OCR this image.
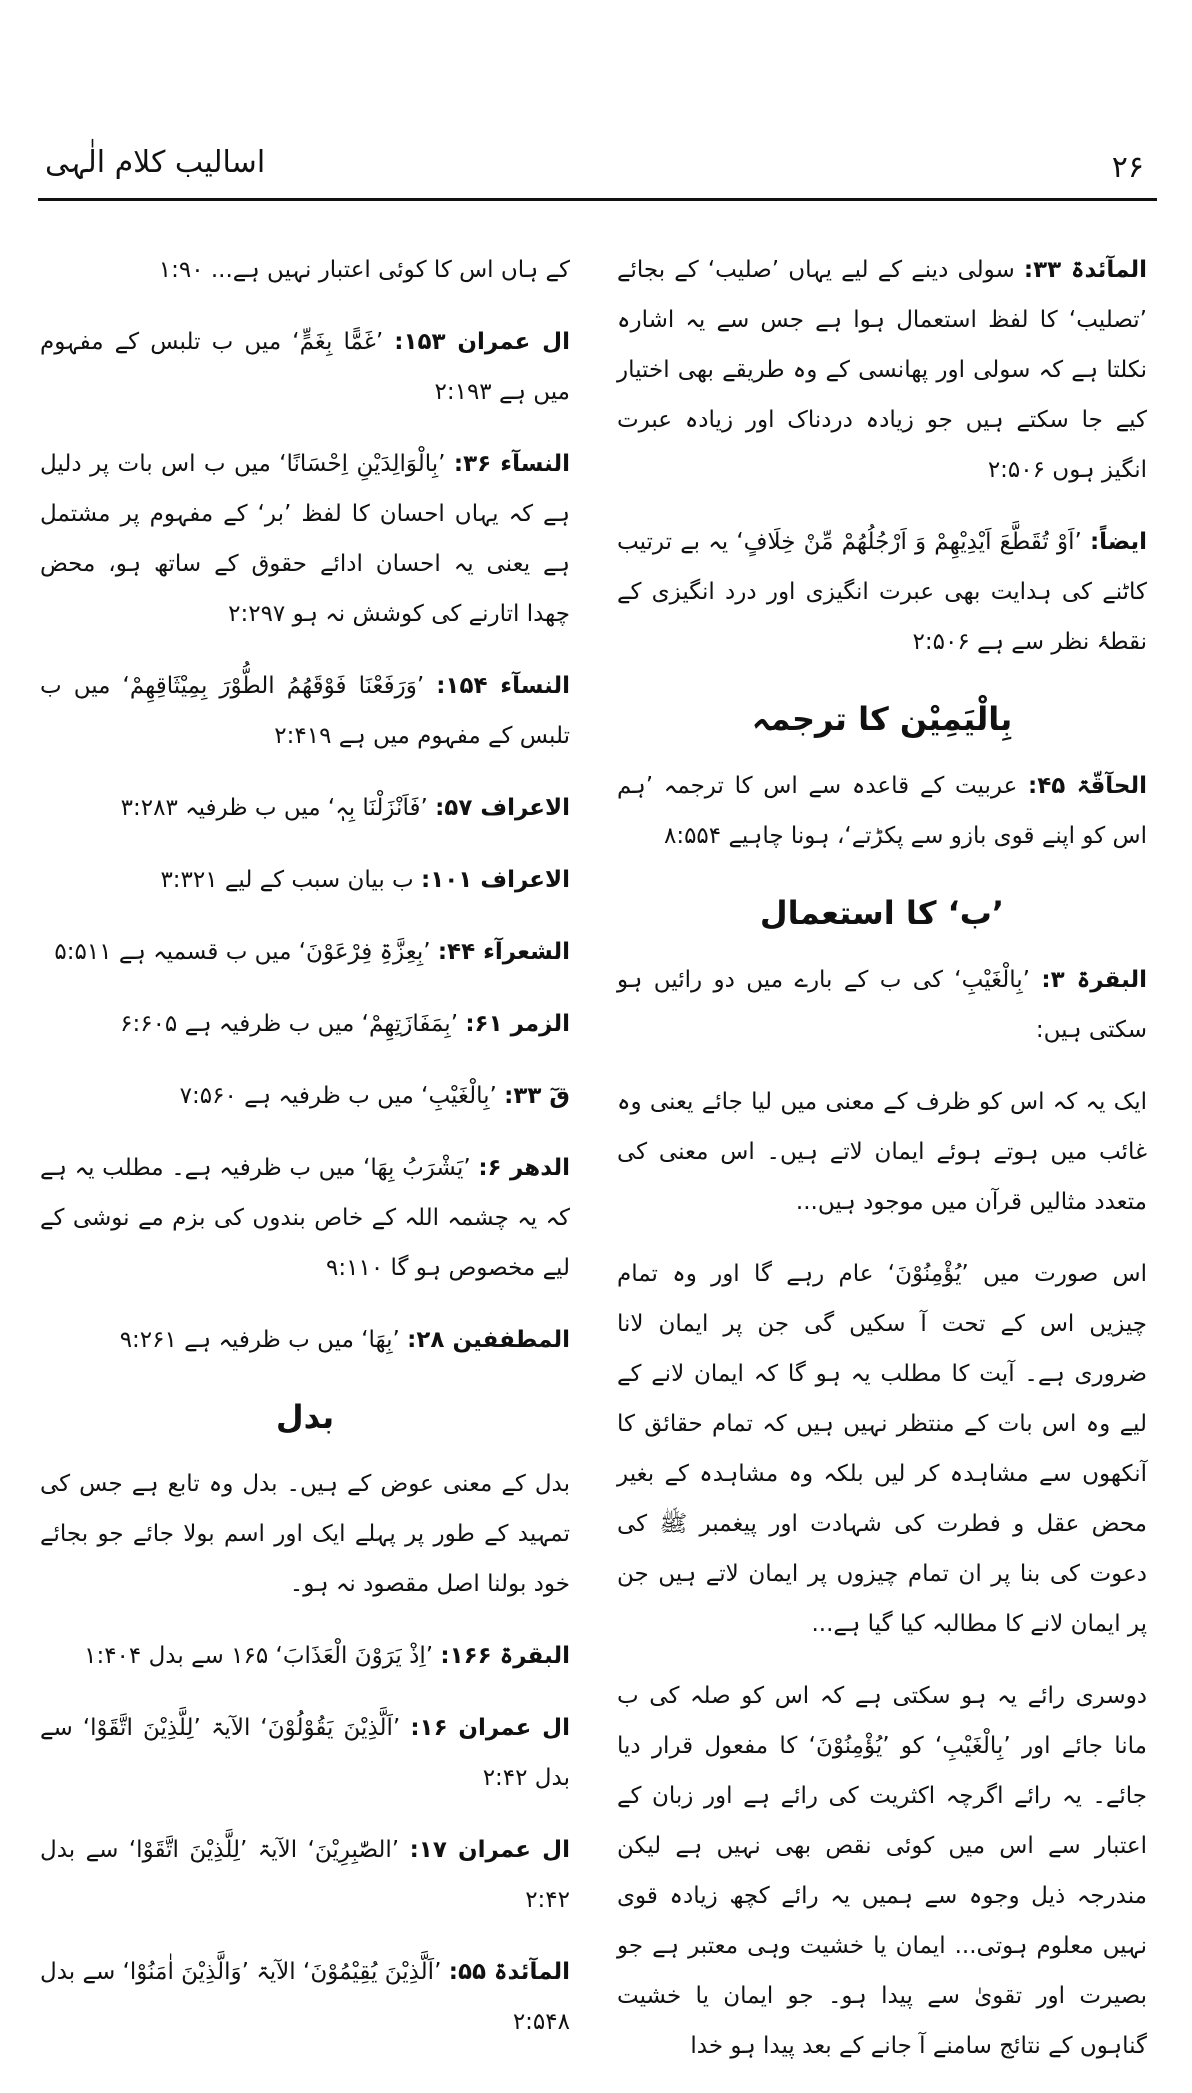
اسالیب کلام الٰہی	۲۶

المآئدۃ ۳۳: سولی دینے کے لیے یہاں ’صلیب‘ کے بجائے ’تصلیب‘ کا لفظ استعمال ہوا ہے جس سے یہ اشارہ نکلتا ہے کہ سولی اور پھانسی کے وہ طریقے بھی اختیار کیے جا سکتے ہیں جو زیادہ دردناک اور زیادہ عبرت انگیز ہوں ۲:۵۰۶

ایضاً: ’اَوْ تُقَطَّعَ اَیْدِیْھِمْ وَ اَرْجُلُھُمْ مِّنْ خِلَافٍ‘ یہ بے ترتیب کاٹنے کی ہدایت بھی عبرت انگیزی اور درد انگیزی کے نقطۂ نظر سے ہے ۲:۵۰۶

بِالْیَمِیْن کا ترجمہ

الحآقّۃ ۴۵: عربیت کے قاعدہ سے اس کا ترجمہ ’ہم اس کو اپنے قوی بازو سے پکڑتے‘، ہونا چاہیے ۸:۵۵۴

’ب‘ کا استعمال

البقرۃ ۳: ’بِالْغَیْبِ‘ کی ب کے بارے میں دو رائیں ہو سکتی ہیں:

ایک یہ کہ اس کو ظرف کے معنی میں لیا جائے یعنی وہ غائب میں ہوتے ہوئے ایمان لاتے ہیں۔ اس معنی کی متعدد مثالیں قرآن میں موجود ہیں...

اس صورت میں ’یُؤْمِنُوْنَ‘ عام رہے گا اور وہ تمام چیزیں اس کے تحت آ سکیں گی جن پر ایمان لانا ضروری ہے۔ آیت کا مطلب یہ ہو گا کہ ایمان لانے کے لیے وہ اس بات کے منتظر نہیں ہیں کہ تمام حقائق کا آنکھوں سے مشاہدہ کر لیں بلکہ وہ مشاہدہ کے بغیر محض عقل و فطرت کی شہادت اور پیغمبر ﷺ کی دعوت کی بنا پر ان تمام چیزوں پر ایمان لاتے ہیں جن پر ایمان لانے کا مطالبہ کیا گیا ہے...

دوسری رائے یہ ہو سکتی ہے کہ اس کو صلہ کی ب مانا جائے اور ’بِالْغَیْبِ‘ کو ’یُؤْمِنُوْنَ‘ کا مفعول قرار دیا جائے۔ یہ رائے اگرچہ اکثریت کی رائے ہے اور زبان کے اعتبار سے اس میں کوئی نقص بھی نہیں ہے لیکن مندرجہ ذیل وجوہ سے ہمیں یہ رائے کچھ زیادہ قوی نہیں معلوم ہوتی... ایمان یا خشیت وہی معتبر ہے جو بصیرت اور تقویٰ سے پیدا ہو۔ جو ایمان یا خشیت گناہوں کے نتائج سامنے آ جانے کے بعد پیدا ہو خدا

کے ہاں اس کا کوئی اعتبار نہیں ہے... ۱:۹۰

ال عمران ۱۵۳: ’غَمًّا بِغَمٍّ‘ میں ب تلبس کے مفہوم میں ہے ۲:۱۹۳

النسآء ۳۶: ’بِالْوَالِدَیْنِ اِحْسَانًا‘ میں ب اس بات پر دلیل ہے کہ یہاں احسان کا لفظ ’بر‘ کے مفہوم پر مشتمل ہے یعنی یہ احسان ادائے حقوق کے ساتھ ہو، محض چھدا اتارنے کی کوشش نہ ہو ۲:۲۹۷

النسآء ۱۵۴: ’وَرَفَعْنَا فَوْقَھُمُ الطُّوْرَ بِمِیْثَاقِھِمْ‘ میں ب تلبس کے مفہوم میں ہے ۲:۴۱۹

الاعراف ۵۷: ’فَاَنْزَلْنَا بِہٖ‘ میں ب ظرفیہ ۳:۲۸۳

الاعراف ۱۰۱: ب بیان سبب کے لیے ۳:۳۲۱

الشعرآء ۴۴: ’بِعِزَّۃِ فِرْعَوْنَ‘ میں ب قسمیہ ہے ۵:۵۱۱

الزمر ۶۱: ’بِمَفَازَتِھِمْ‘ میں ب ظرفیہ ہے ۶:۶۰۵

قٓ ۳۳: ’بِالْغَیْبِ‘ میں ب ظرفیہ ہے ۷:۵۶۰

الدھر ۶: ’یَشْرَبُ بِھَا‘ میں ب ظرفیہ ہے۔ مطلب یہ ہے کہ یہ چشمہ اللہ کے خاص بندوں کی بزم مے نوشی کے لیے مخصوص ہو گا ۹:۱۱۰

المطففین ۲۸: ’بِھَا‘ میں ب ظرفیہ ہے ۹:۲۶۱

بدل

بدل کے معنی عوض کے ہیں۔ بدل وہ تابع ہے جس کی تمہید کے طور پر پہلے ایک اور اسم بولا جائے جو بجائے خود بولنا اصل مقصود نہ ہو۔

البقرۃ ۱۶۶: ’اِذْ یَرَوْنَ الْعَذَابَ‘ ۱۶۵ سے بدل ۱:۴۰۴

ال عمران ۱۶: ’اَلَّذِیْنَ یَقُوْلُوْنَ‘ الآیۃ ’لِلَّذِیْنَ اتَّقَوْا‘ سے بدل ۲:۴۲

ال عمران ۱۷: ’الصّٰبِرِیْنَ‘ الآیۃ ’لِلَّذِیْنَ اتَّقَوْا‘ سے بدل ۲:۴۲

المآئدۃ ۵۵: ’اَلَّذِیْنَ یُقِیْمُوْنَ‘ الآیۃ ’وَالَّذِیْنَ اٰمَنُوْا‘ سے بدل ۲:۵۴۸
